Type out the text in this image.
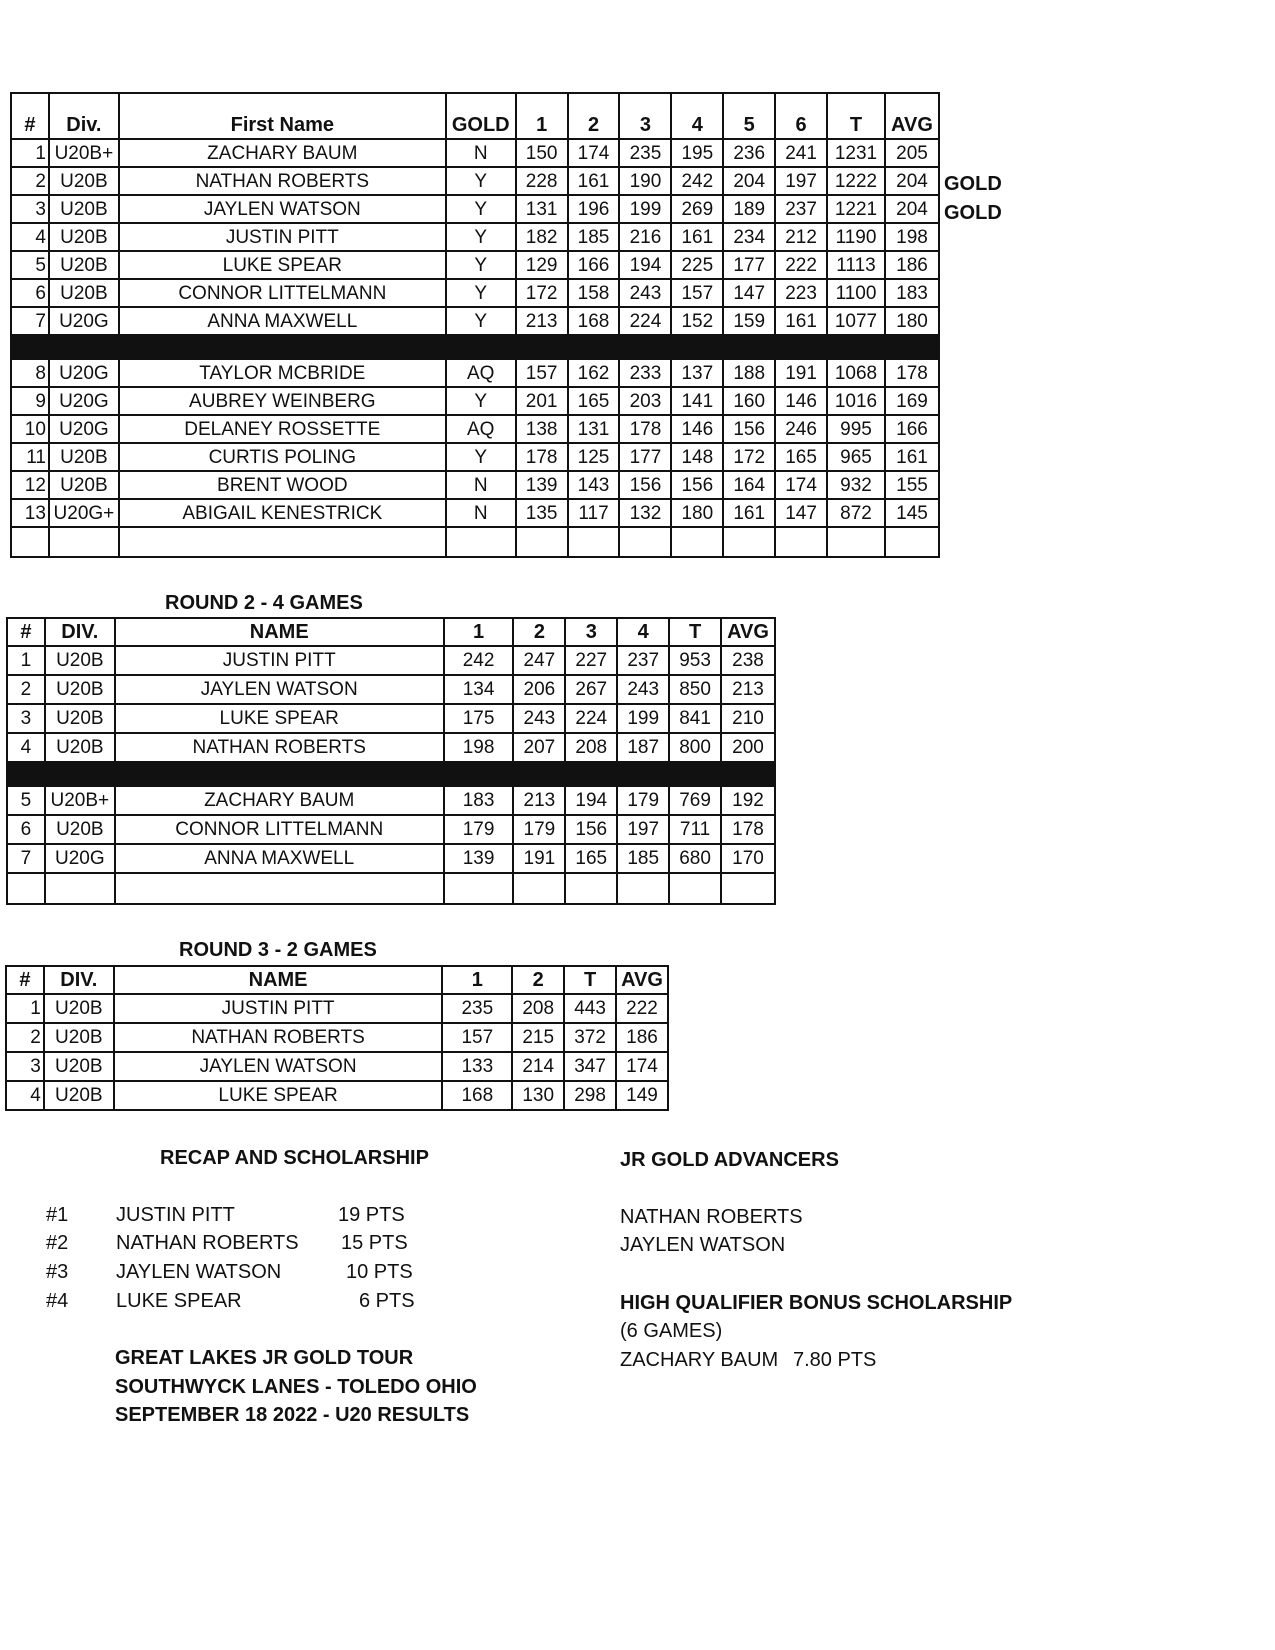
#	Div.	First Name	GOLD	1	2	3	4	5	6	T	AVG
1	U20B+	ZACHARY BAUM	N	150	174	235	195	236	241	1231	205
2	U20B	NATHAN ROBERTS	Y	228	161	190	242	204	197	1222	204
3	U20B	JAYLEN WATSON	Y	131	196	199	269	189	237	1221	204
4	U20B	JUSTIN PITT	Y	182	185	216	161	234	212	1190	198
5	U20B	LUKE SPEAR	Y	129	166	194	225	177	222	1113	186
6	U20B	CONNOR LITTELMANN	Y	172	158	243	157	147	223	1100	183
7	U20G	ANNA MAXWELL	Y	213	168	224	152	159	161	1077	180

8	U20G	TAYLOR MCBRIDE	AQ	157	162	233	137	188	191	1068	178
9	U20G	AUBREY WEINBERG	Y	201	165	203	141	160	146	1016	169
10	U20G	DELANEY ROSSETTE	AQ	138	131	178	146	156	246	995	166
11	U20B	CURTIS POLING	Y	178	125	177	148	172	165	965	161
12	U20B	BRENT WOOD	N	139	143	156	156	164	174	932	155
13	U20G+	ABIGAIL KENESTRICK	N	135	117	132	180	161	147	872	145

GOLD
GOLD
ROUND 2 - 4 GAMES
#	DIV.	NAME	1	2	3	4	T	AVG
1	U20B	JUSTIN PITT	242	247	227	237	953	238
2	U20B	JAYLEN WATSON	134	206	267	243	850	213
3	U20B	LUKE SPEAR	175	243	224	199	841	210
4	U20B	NATHAN ROBERTS	198	207	208	187	800	200

5	U20B+	ZACHARY BAUM	183	213	194	179	769	192
6	U20B	CONNOR LITTELMANN	179	179	156	197	711	178
7	U20G	ANNA MAXWELL	139	191	165	185	680	170

ROUND 3 - 2 GAMES
#	DIV.	NAME	1	2	T	AVG
1	U20B	JUSTIN PITT	235	208	443	222
2	U20B	NATHAN ROBERTS	157	215	372	186
3	U20B	JAYLEN WATSON	133	214	347	174
4	U20B	LUKE SPEAR	168	130	298	149
RECAP AND SCHOLARSHIP
#1 JUSTIN PITT	19 PTS
#2 NATHAN ROBERTS 15 PTS
#3 JAYLEN WATSON	10 PTS
#4 LUKE SPEAR	6 PTS
GREAT LAKES JR GOLD TOUR
SOUTHWYCK LANES - TOLEDO OHIO
SEPTEMBER 18 2022 - U20 RESULTS
JR GOLD ADVANCERS
NATHAN ROBERTS
JAYLEN WATSON
HIGH QUALIFIER BONUS SCHOLARSHIP
(6 GAMES)
ZACHARY BAUM 7.80 PTS
